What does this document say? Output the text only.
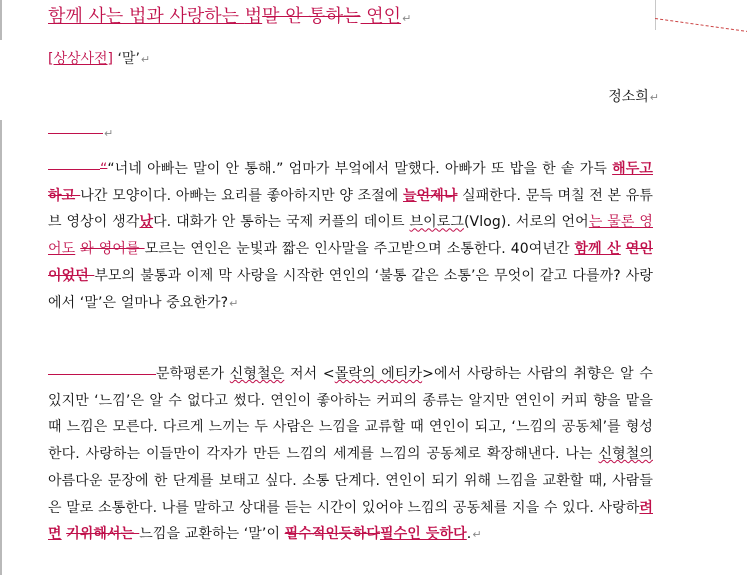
함께 사는 법과 사랑하는 법말 안 통하는 연인↵
[상상사전] ‘말’↵
정소희↵
↵
““너네 아빠는 말이 안 통해.” 엄마가 부엌에서 말했다. 아빠가 또 밥을 한 솥 가득 해두고 하고 나간 모양이다. 아빠는 요리를 좋아하지만 양 조절에 늘언제나 실패한다. 문득 며칠 전 본 유튜브 영상이 생각났다. 대화가 안 통하는 국제 커플의 데이트 브이로그(Vlog). 서로의 언어는 물론 영어도 와 영어를 모르는 연인은 눈빛과 짧은 인사말을 주고받으며 소통한다. 40여년간 함께 산 연인이었던 부모의 불통과 이제 막 사랑을 시작한 연인의 ‘불통 같은 소통’은 무엇이 같고 다를까? 사랑에서 ‘말’은 얼마나 중요한가?↵
문학평론가 신형철은 저서 <몰락의 에티카>에서 사랑하는 사람의 취향은 알 수 있지만 ‘느낌’은 알 수 없다고 썼다. 연인이 좋아하는 커피의 종류는 알지만 연인이 커피 향을 맡을 때 느낌은 모른다. 다르게 느끼는 두 사람은 느낌을 교류할 때 연인이 되고, ‘느낌의 공동체’를 형성한다. 사랑하는 이들만이 각자가 만든 느낌의 세계를 느낌의 공동체로 확장해낸다. 나는 신형철의 아름다운 문장에 한 단계를 보태고 싶다. 소통 단계다. 연인이 되기 위해 느낌을 교환할 때, 사람들은 말로 소통한다. 나를 말하고 상대를 듣는 시간이 있어야 느낌의 공동체를 지을 수 있다. 사랑하려면 기위해서는 느낌을 교환하는 ‘말’이 필수적인듯하다필수인 듯하다.↵
